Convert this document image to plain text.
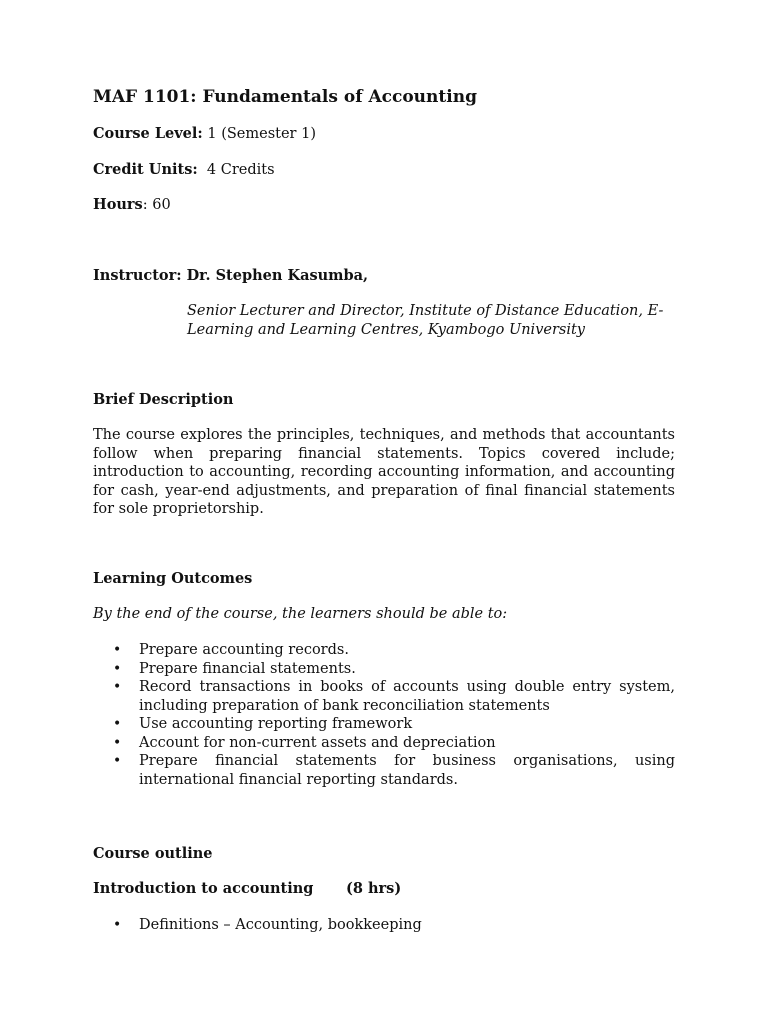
MAF 1101: Fundamentals of Accounting
Course Level: 1 (Semester 1)
Credit Units:  4 Credits
Hours: 60
Instructor: Dr. Stephen Kasumba,
Senior Lecturer and Director, Institute of Distance Education, E-
Learning and Learning Centres, Kyambogo University
Brief Description
The course explores the principles, techniques, and methods that accountants follow when preparing financial statements. Topics covered include; introduction to accounting, recording accounting information, and accounting for cash, year-end adjustments, and preparation of final financial statements for sole proprietorship.
Learning Outcomes
By the end of the course, the learners should be able to:
• Prepare accounting records.
• Prepare financial statements.
• Record transactions in books of accounts using double entry system, including preparation of bank reconciliation statements
• Use accounting reporting framework
• Account for non-current assets and depreciation
• Prepare financial statements for business organisations, using international financial reporting standards.
Course outline
Introduction to accounting (8 hrs)
• Definitions – Accounting, bookkeeping
